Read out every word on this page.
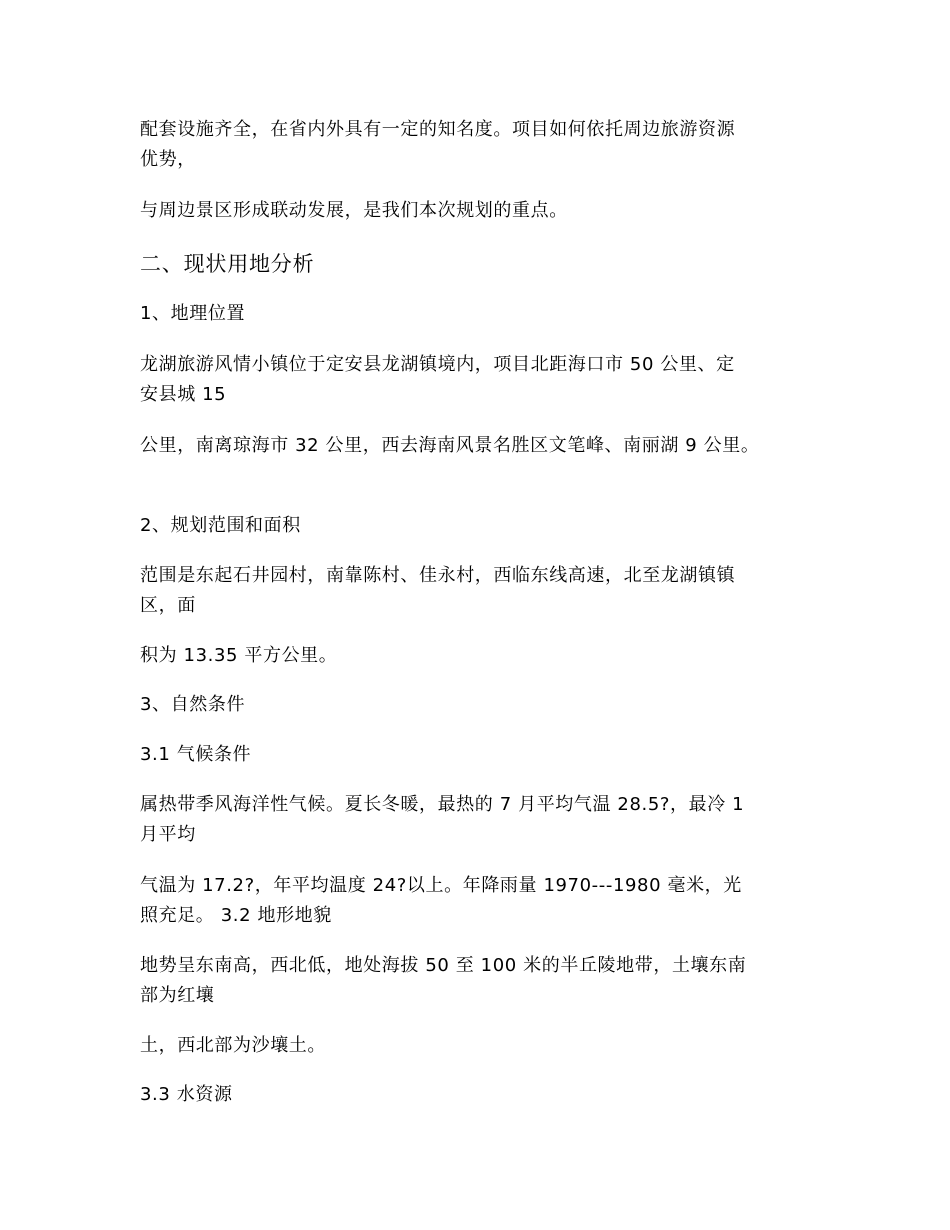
配套设施齐全，在省内外具有一定的知名度。项目如何依托周边旅游资源
优势，
与周边景区形成联动发展，是我们本次规划的重点。
二、现状用地分析
1、地理位置
龙湖旅游风情小镇位于定安县龙湖镇境内，项目北距海口市 50 公里、定
安县城 15
公里，南离琼海市 32 公里，西去海南风景名胜区文笔峰、南丽湖 9 公里。
2、规划范围和面积
范围是东起石井园村，南靠陈村、佳永村，西临东线高速，北至龙湖镇镇
区，面
积为 13.35 平方公里。
3、自然条件
3.1 气候条件
属热带季风海洋性气候。夏长冬暖，最热的 7 月平均气温 28.5?，最冷 1
月平均
气温为 17.2?，年平均温度 24?以上。年降雨量 1970---1980 毫米，光
照充足。 3.2 地形地貌
地势呈东南高，西北低，地处海拔 50 至 100 米的半丘陵地带，土壤东南
部为红壤
土，西北部为沙壤土。
3.3 水资源
